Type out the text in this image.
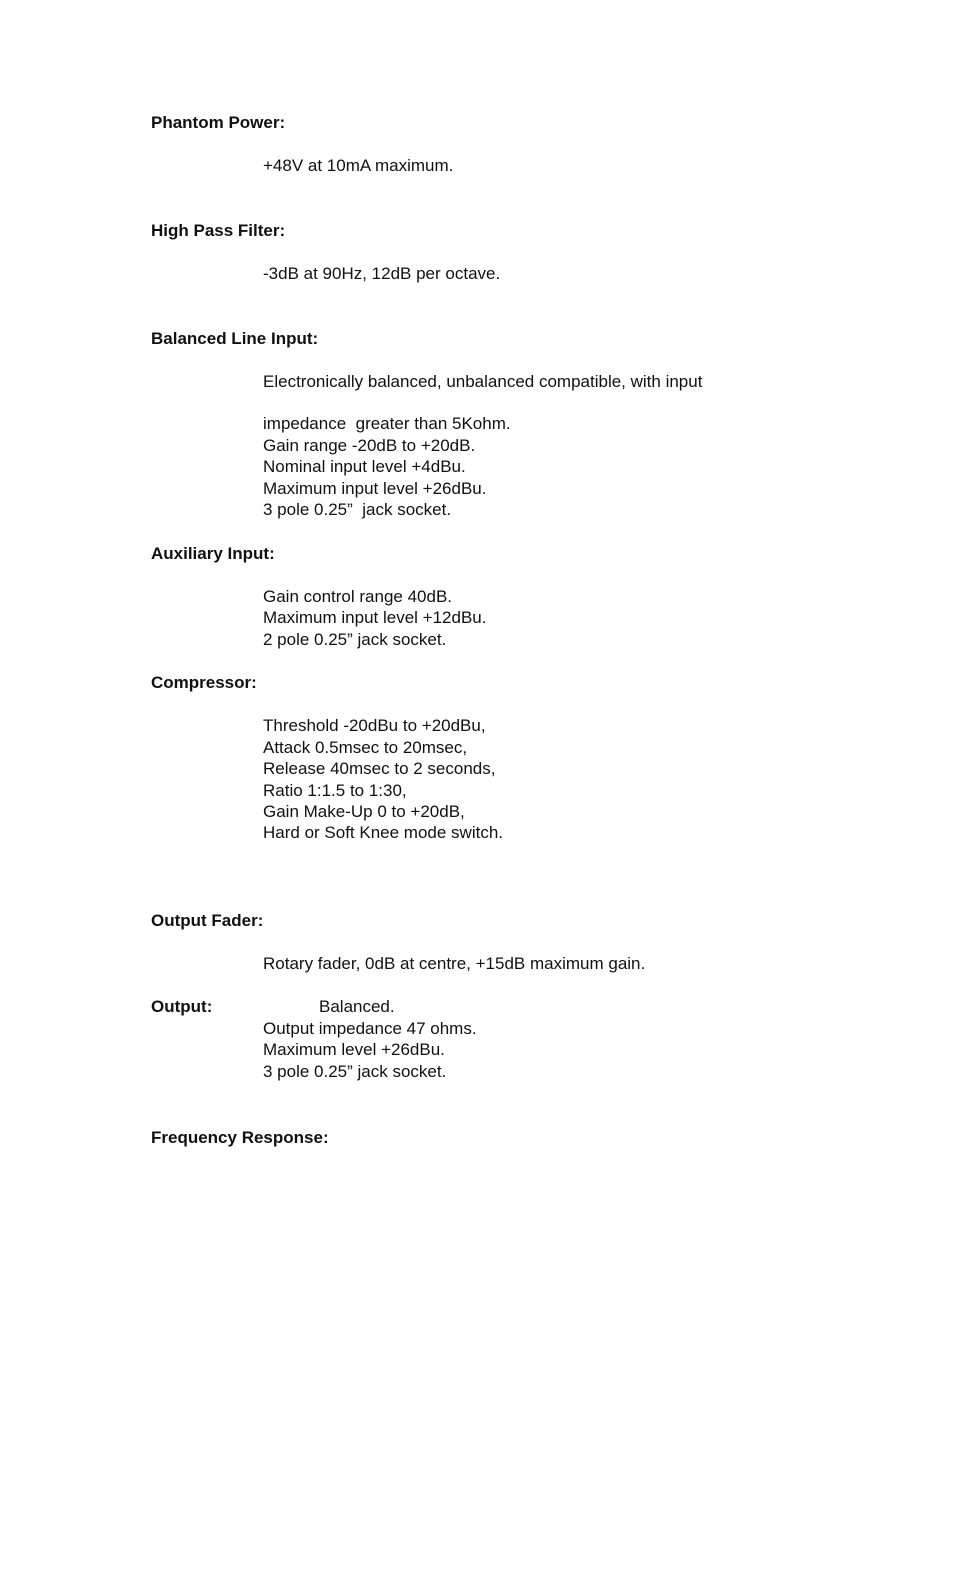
Phantom Power:
+48V at 10mA maximum.
High Pass Filter:
-3dB at 90Hz, 12dB per octave.
Balanced Line Input:
Electronically balanced, unbalanced compatible, with input
impedance  greater than 5Kohm.
Gain range -20dB to +20dB.
Nominal input level +4dBu.
Maximum input level +26dBu.
3 pole 0.25”  jack socket.
Auxiliary Input:
Gain control range 40dB.
Maximum input level +12dBu.
2 pole 0.25” jack socket.
Compressor:
Threshold -20dBu to +20dBu,
Attack 0.5msec to 20msec,
Release 40msec to 2 seconds,
Ratio 1:1.5 to 1:30,
Gain Make-Up 0 to +20dB,
Hard or Soft Knee mode switch.
Output Fader:
Rotary fader, 0dB at centre, +15dB maximum gain.
Output:	Balanced.
Output impedance 47 ohms.
Maximum level +26dBu.
3 pole 0.25” jack socket.
Frequency Response:
